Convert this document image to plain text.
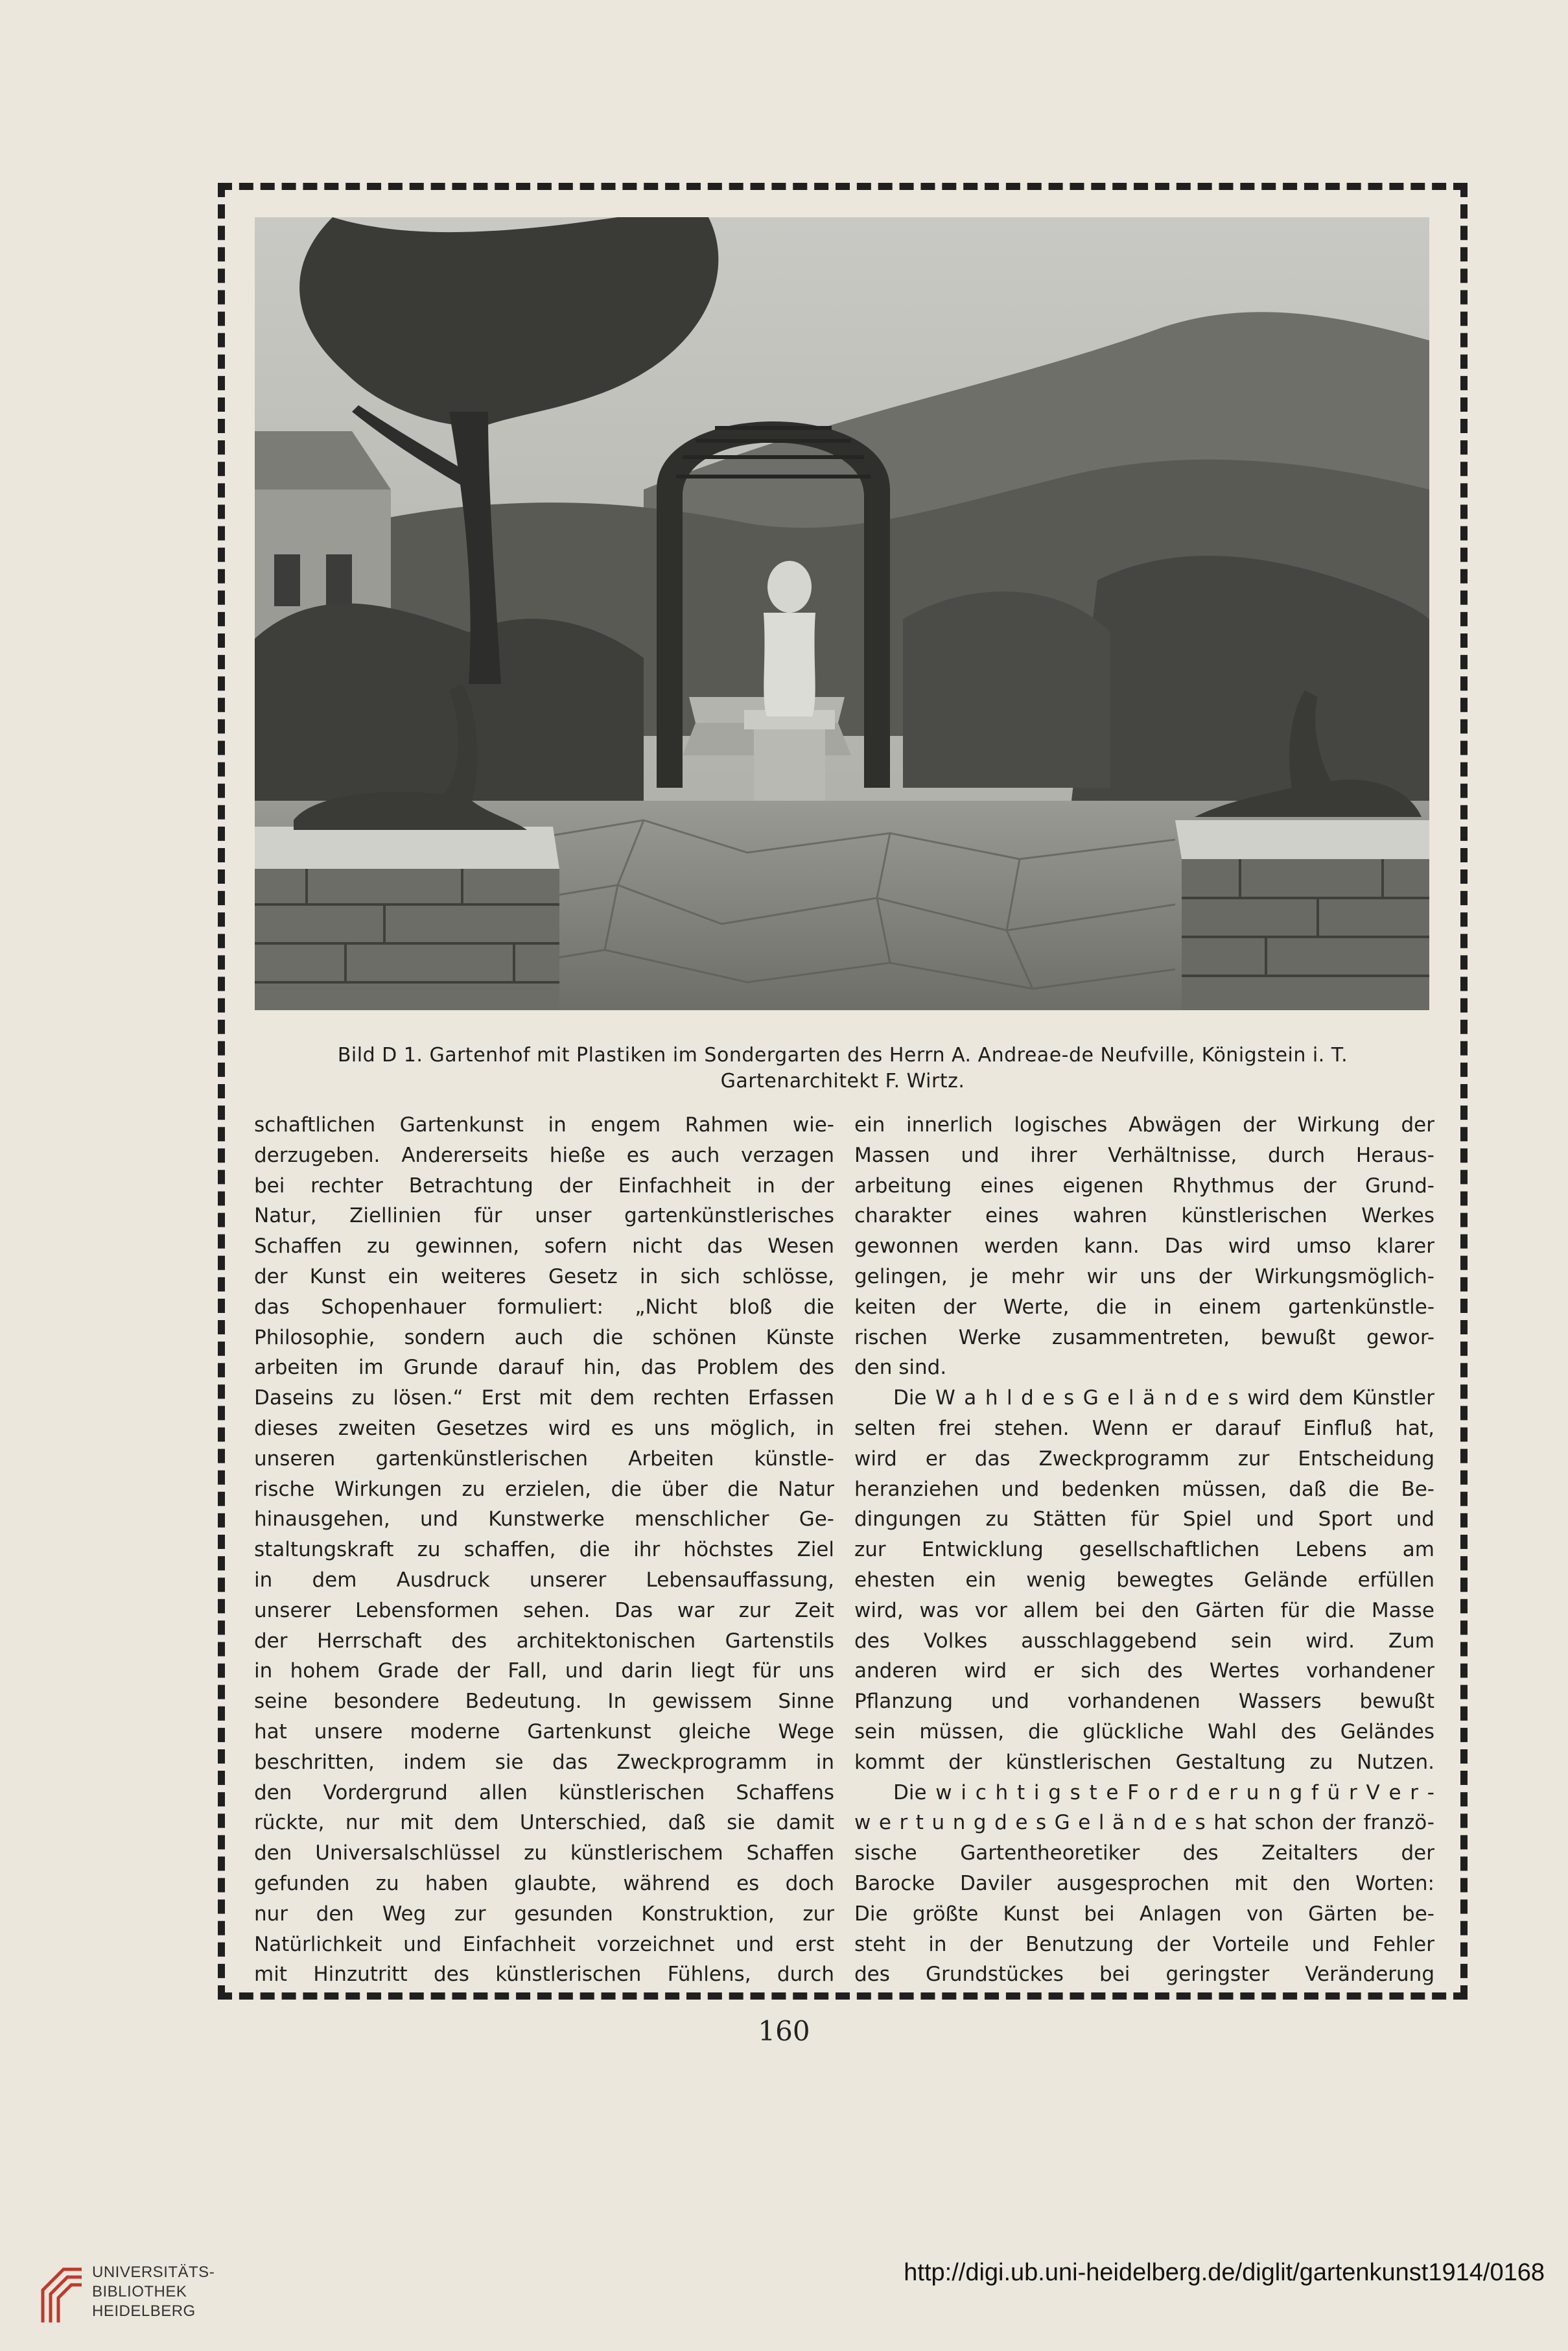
Bild D 1. Gartenhof mit Plastiken im Sondergarten des Herrn A. Andreae-de Neufville, Königstein i. T.
Gartenarchitekt F. Wirtz.
schaftlichen Gartenkunst in engem Rahmen wie-
derzugeben. Andererseits hieße es auch verzagen
bei rechter Betrachtung der Einfachheit in der
Natur, Ziellinien für unser gartenkünstlerisches
Schaffen zu gewinnen, sofern nicht das Wesen
der Kunst ein weiteres Gesetz in sich schlösse,
das Schopenhauer formuliert: „Nicht bloß die
Philosophie, sondern auch die schönen Künste
arbeiten im Grunde darauf hin, das Problem des
Daseins zu lösen.“ Erst mit dem rechten Erfassen
dieses zweiten Gesetzes wird es uns möglich, in
unseren gartenkünstlerischen Arbeiten künstle-
rische Wirkungen zu erzielen, die über die Natur
hinausgehen, und Kunstwerke menschlicher Ge-
staltungskraft zu schaffen, die ihr höchstes Ziel
in dem Ausdruck unserer Lebensauffassung,
unserer Lebensformen sehen. Das war zur Zeit
der Herrschaft des architektonischen Gartenstils
in hohem Grade der Fall, und darin liegt für uns
seine besondere Bedeutung. In gewissem Sinne
hat unsere moderne Gartenkunst gleiche Wege
beschritten, indem sie das Zweckprogramm in
den Vordergrund allen künstlerischen Schaffens
rückte, nur mit dem Unterschied, daß sie damit
den Universalschlüssel zu künstlerischem Schaffen
gefunden zu haben glaubte, während es doch
nur den Weg zur gesunden Konstruktion, zur
Natürlichkeit und Einfachheit vorzeichnet und erst
mit Hinzutritt des künstlerischen Fühlens, durch
ein innerlich logisches Abwägen der Wirkung der
Massen und ihrer Verhältnisse, durch Heraus-
arbeitung eines eigenen Rhythmus der Grund-
charakter eines wahren künstlerischen Werkes
gewonnen werden kann. Das wird umso klarer
gelingen, je mehr wir uns der Wirkungsmöglich-
keiten der Werte, die in einem gartenkünstle-
rischen Werke zusammentreten, bewußt gewor-
den sind.
Die W a h l d e s G e l ä n d e s wird dem Künstler
selten frei stehen. Wenn er darauf Einfluß hat,
wird er das Zweckprogramm zur Entscheidung
heranziehen und bedenken müssen, daß die Be-
dingungen zu Stätten für Spiel und Sport und
zur Entwicklung gesellschaftlichen Lebens am
ehesten ein wenig bewegtes Gelände erfüllen
wird, was vor allem bei den Gärten für die Masse
des Volkes ausschlaggebend sein wird. Zum
anderen wird er sich des Wertes vorhandener
Pflanzung und vorhandenen Wassers bewußt
sein müssen, die glückliche Wahl des Geländes
kommt der künstlerischen Gestaltung zu Nutzen.
Die w i c h t i g s t e F o r d e r u n g f ü r V e r -
w e r t u n g d e s G e l ä n d e s hat schon der franzö-
sische Gartentheoretiker des Zeitalters der
Barocke Daviler ausgesprochen mit den Worten:
Die größte Kunst bei Anlagen von Gärten be-
steht in der Benutzung der Vorteile und Fehler
des Grundstückes bei geringster Veränderung
160
UNIVERSITÄTS-
BIBLIOTHEK
HEIDELBERG
http://digi.ub.uni-heidelberg.de/diglit/gartenkunst1914/0168
